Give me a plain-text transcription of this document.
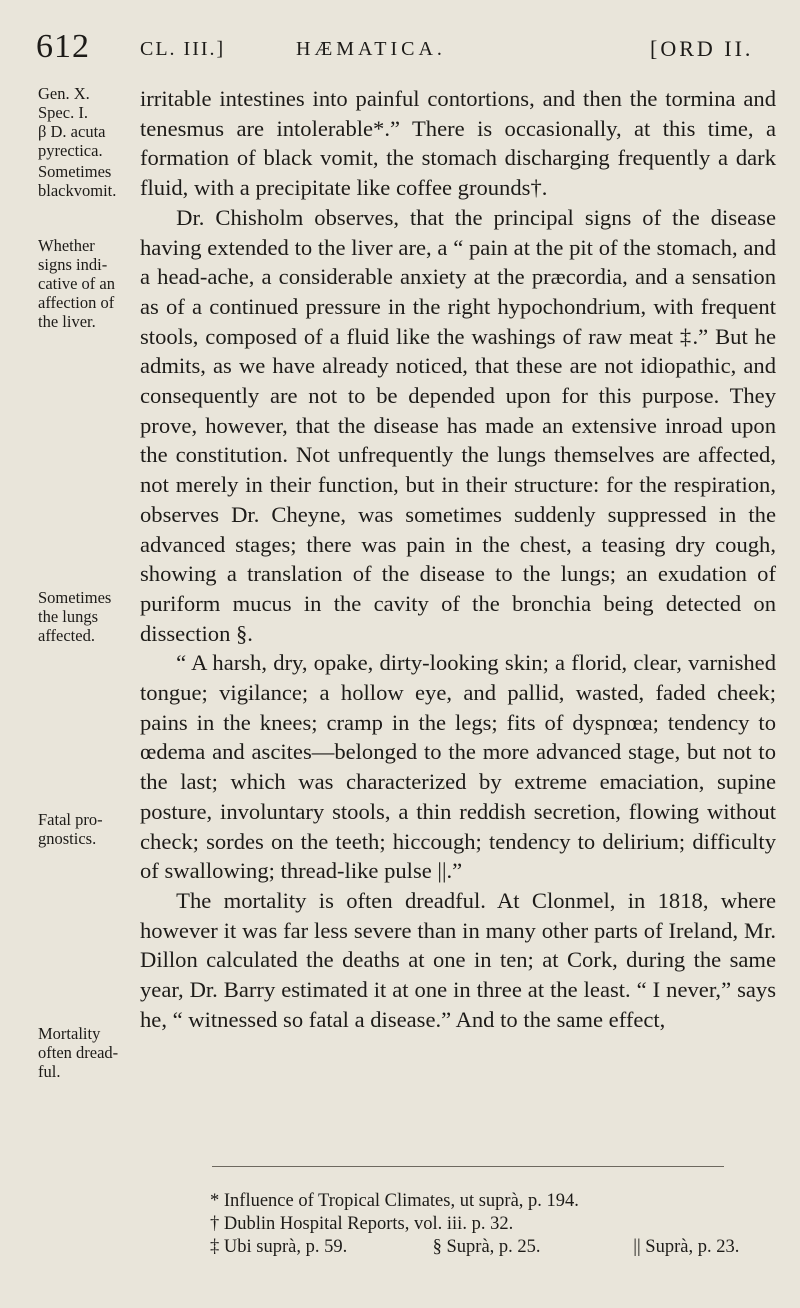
612	CL. III.]	HÆMATICA.	[ORD II.
Gen. X.
Spec. I.
β D. acuta
pyrectica.
Sometimes
blackvomit.
Whether
signs indi-
cative of an
affection of
the liver.
Sometimes
the lungs
affected.
Fatal pro-
gnostics.
Mortality
often dread-
ful.

irritable intestines into painful contortions, and then the tormina and tenesmus are intolerable*.” There is occasionally, at this time, a formation of black vomit, the stomach discharging frequently a dark fluid, with a precipitate like coffee grounds†.

Dr. Chisholm observes, that the principal signs of the disease having extended to the liver are, a “ pain at the pit of the stomach, and a head-ache, a considerable anxiety at the præcordia, and a sensation as of a continued pressure in the right hypochondrium, with frequent stools, composed of a fluid like the washings of raw meat ‡.” But he admits, as we have already noticed, that these are not idiopathic, and consequently are not to be depended upon for this purpose. They prove, however, that the disease has made an extensive inroad upon the constitution. Not unfrequently the lungs themselves are affected, not merely in their function, but in their structure: for the respiration, observes Dr. Cheyne, was sometimes suddenly suppressed in the advanced stages; there was pain in the chest, a teasing dry cough, showing a translation of the disease to the lungs; an exudation of puriform mucus in the cavity of the bronchia being detected on dissection §.

“ A harsh, dry, opake, dirty-looking skin; a florid, clear, varnished tongue; vigilance; a hollow eye, and pallid, wasted, faded cheek; pains in the knees; cramp in the legs; fits of dyspnœa; tendency to œdema and ascites—belonged to the more advanced stage, but not to the last; which was characterized by extreme emaciation, supine posture, involuntary stools, a thin reddish secretion, flowing without check; sordes on the teeth; hiccough; tendency to delirium; difficulty of swallowing; thread-like pulse ||.”

The mortality is often dreadful. At Clonmel, in 1818, where however it was far less severe than in many other parts of Ireland, Mr. Dillon calculated the deaths at one in ten; at Cork, during the same year, Dr. Barry estimated it at one in three at the least. “ I never,” says he, “ witnessed so fatal a disease.” And to the same effect,

* Influence of Tropical Climates, ut suprà, p. 194.
† Dublin Hospital Reports, vol. iii. p. 32.
‡ Ubi suprà, p. 59.	§ Suprà, p. 25.	|| Suprà, p. 23.
